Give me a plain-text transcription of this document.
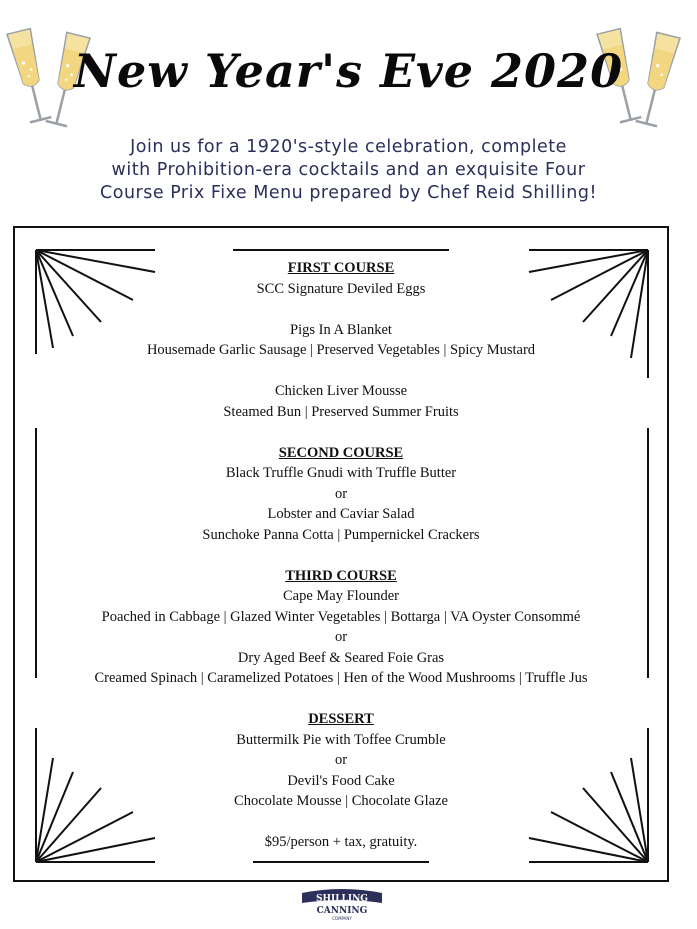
New Year's Eve 2020
Join us for a 1920's-style celebration, complete
with Prohibition-era cocktails and an exquisite Four
Course Prix Fixe Menu prepared by Chef Reid Shilling!
FIRST COURSE
SCC Signature Deviled Eggs
Pigs In A Blanket
Housemade Garlic Sausage | Preserved Vegetables | Spicy Mustard
Chicken Liver Mousse
Steamed Bun | Preserved Summer Fruits
SECOND COURSE
Black Truffle Gnudi with Truffle Butter
or
Lobster and Caviar Salad
Sunchoke Panna Cotta | Pumpernickel Crackers
THIRD COURSE
Cape May Flounder
Poached in Cabbage | Glazed Winter Vegetables | Bottarga | VA Oyster Consommé
or
Dry Aged Beef & Seared Foie Gras
Creamed Spinach | Caramelized Potatoes | Hen of the Wood Mushrooms | Truffle Jus
DESSERT
Buttermilk Pie with Toffee Crumble
or
Devil's Food Cake
Chocolate Mousse | Chocolate Glaze
$95/person + tax, gratuity.
SHILLING
CANNING
COMPANY
